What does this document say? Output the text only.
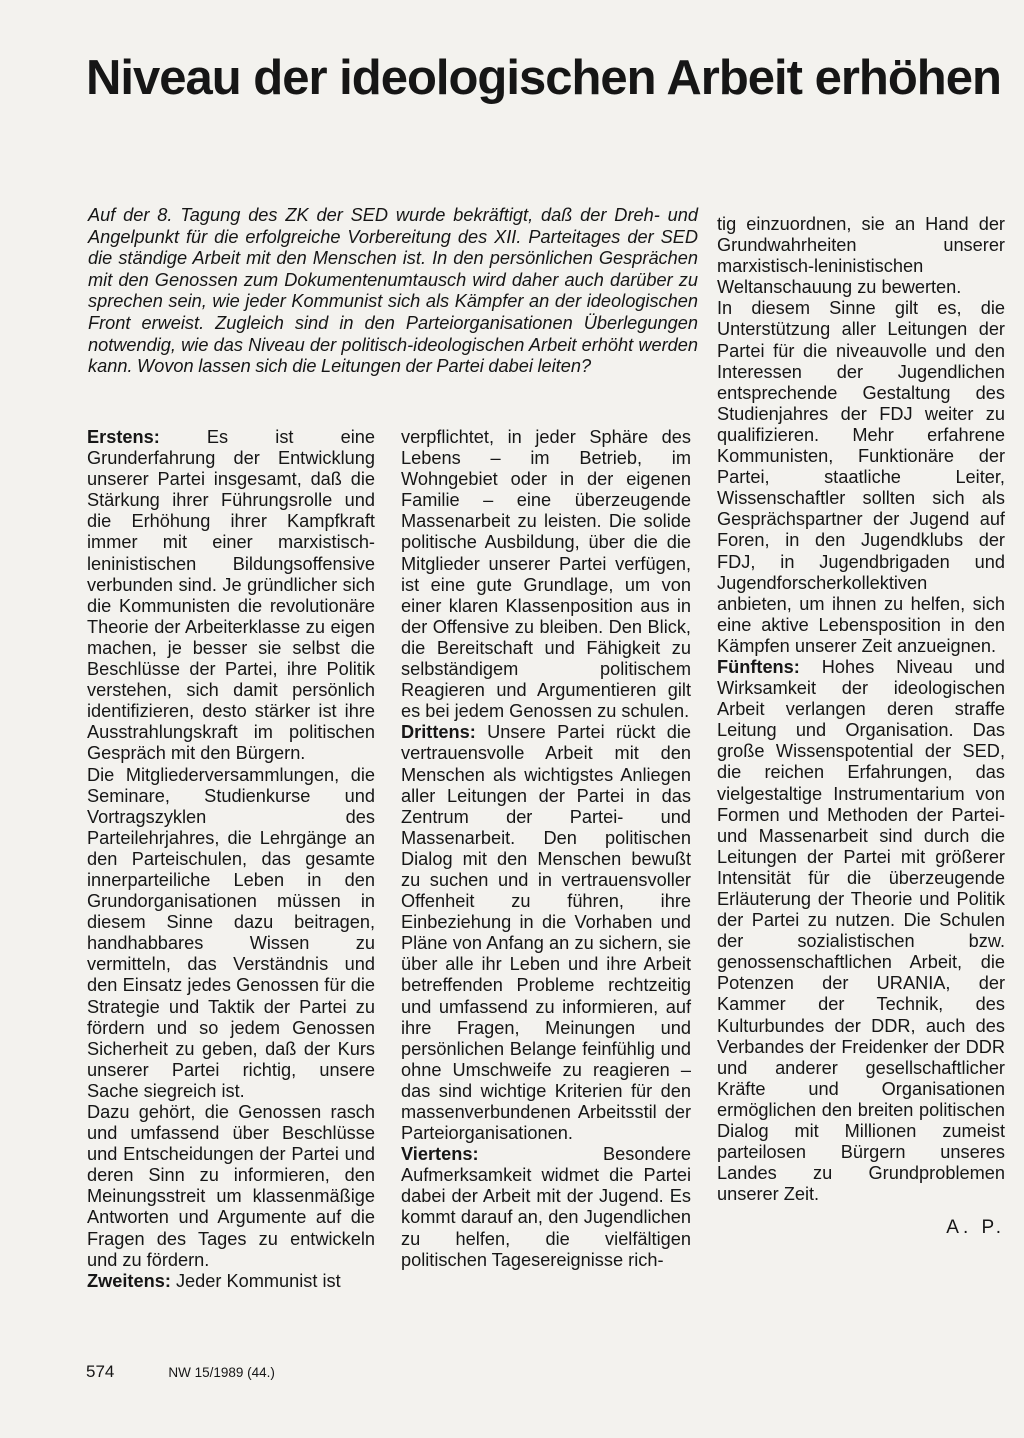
Niveau der ideologischen Arbeit erhöhen

Auf der 8. Tagung des ZK der SED wurde bekräftigt, daß der Dreh- und Angelpunkt für die erfolgreiche Vorbereitung des XII. Parteitages der SED die ständige Arbeit mit den Menschen ist. In den persönlichen Gesprächen mit den Genossen zum Dokumentenumtausch wird daher auch darüber zu sprechen sein, wie jeder Kommunist sich als Kämpfer an der ideologischen Front erweist. Zugleich sind in den Parteiorganisationen Überlegungen notwendig, wie das Niveau der politisch-ideologischen Arbeit erhöht werden kann. Wovon lassen sich die Leitungen der Partei dabei leiten?

Erstens: Es ist eine Grunderfahrung der Entwicklung unserer Partei insgesamt, daß die Stärkung ihrer Führungsrolle und die Erhöhung ihrer Kampfkraft immer mit einer marxistisch-leninistischen Bildungsoffensive verbunden sind. Je gründlicher sich die Kommunisten die revolutionäre Theorie der Arbeiterklasse zu eigen machen, je besser sie selbst die Beschlüsse der Partei, ihre Politik verstehen, sich damit persönlich identifizieren, desto stärker ist ihre Ausstrahlungskraft im politischen Gespräch mit den Bürgern.

Die Mitgliederversammlungen, die Seminare, Studienkurse und Vortragszyklen des Parteilehrjahres, die Lehrgänge an den Parteischulen, das gesamte innerparteiliche Leben in den Grundorganisationen müssen in diesem Sinne dazu beitragen, handhabbares Wissen zu vermitteln, das Verständnis und den Einsatz jedes Genossen für die Strategie und Taktik der Partei zu fördern und so jedem Genossen Sicherheit zu geben, daß der Kurs unserer Partei richtig, unsere Sache siegreich ist.

Dazu gehört, die Genossen rasch und umfassend über Beschlüsse und Entscheidungen der Partei und deren Sinn zu informieren, den Meinungsstreit um klassenmäßige Antworten und Argumente auf die Fragen des Tages zu entwickeln und zu fördern.

Zweitens: Jeder Kommunist ist

verpflichtet, in jeder Sphäre des Lebens – im Betrieb, im Wohngebiet oder in der eigenen Familie – eine überzeugende Massenarbeit zu leisten. Die solide politische Ausbildung, über die die Mitglieder unserer Partei verfügen, ist eine gute Grundlage, um von einer klaren Klassenposition aus in der Offensive zu bleiben. Den Blick, die Bereitschaft und Fähigkeit zu selbständigem politischem Reagieren und Argumentieren gilt es bei jedem Genossen zu schulen.

Drittens: Unsere Partei rückt die vertrauensvolle Arbeit mit den Menschen als wichtigstes Anliegen aller Leitungen der Partei in das Zentrum der Partei- und Massenarbeit. Den politischen Dialog mit den Menschen bewußt zu suchen und in vertrauensvoller Offenheit zu führen, ihre Einbeziehung in die Vorhaben und Pläne von Anfang an zu sichern, sie über alle ihr Leben und ihre Arbeit betreffenden Probleme rechtzeitig und umfassend zu informieren, auf ihre Fragen, Meinungen und persönlichen Belange feinfühlig und ohne Umschweife zu reagieren – das sind wichtige Kriterien für den massenverbundenen Arbeitsstil der Parteiorganisationen.

Viertens: Besondere Aufmerksamkeit widmet die Partei dabei der Arbeit mit der Jugend. Es kommt darauf an, den Jugendlichen zu helfen, die vielfältigen politischen Tagesereignisse rich-

tig einzuordnen, sie an Hand der Grundwahrheiten unserer marxistisch-leninistischen Weltanschauung zu bewerten.

In diesem Sinne gilt es, die Unterstützung aller Leitungen der Partei für die niveauvolle und den Interessen der Jugendlichen entsprechende Gestaltung des Studienjahres der FDJ weiter zu qualifizieren. Mehr erfahrene Kommunisten, Funktionäre der Partei, staatliche Leiter, Wissenschaftler sollten sich als Gesprächspartner der Jugend auf Foren, in den Jugendklubs der FDJ, in Jugendbrigaden und Jugendforscherkollektiven anbieten, um ihnen zu helfen, sich eine aktive Lebensposition in den Kämpfen unserer Zeit anzueignen.

Fünftens: Hohes Niveau und Wirksamkeit der ideologischen Arbeit verlangen deren straffe Leitung und Organisation. Das große Wissenspotential der SED, die reichen Erfahrungen, das vielgestaltige Instrumentarium von Formen und Methoden der Partei- und Massenarbeit sind durch die Leitungen der Partei mit größerer Intensität für die überzeugende Erläuterung der Theorie und Politik der Partei zu nutzen. Die Schulen der sozialistischen bzw. genossenschaftlichen Arbeit, die Potenzen der URANIA, der Kammer der Technik, des Kulturbundes der DDR, auch des Verbandes der Freidenker der DDR und anderer gesellschaftlicher Kräfte und Organisationen ermöglichen den breiten politischen Dialog mit Millionen zumeist parteilosen Bürgern unseres Landes zu Grundproblemen unserer Zeit.

A. P.

574	NW 15/1989 (44.)
